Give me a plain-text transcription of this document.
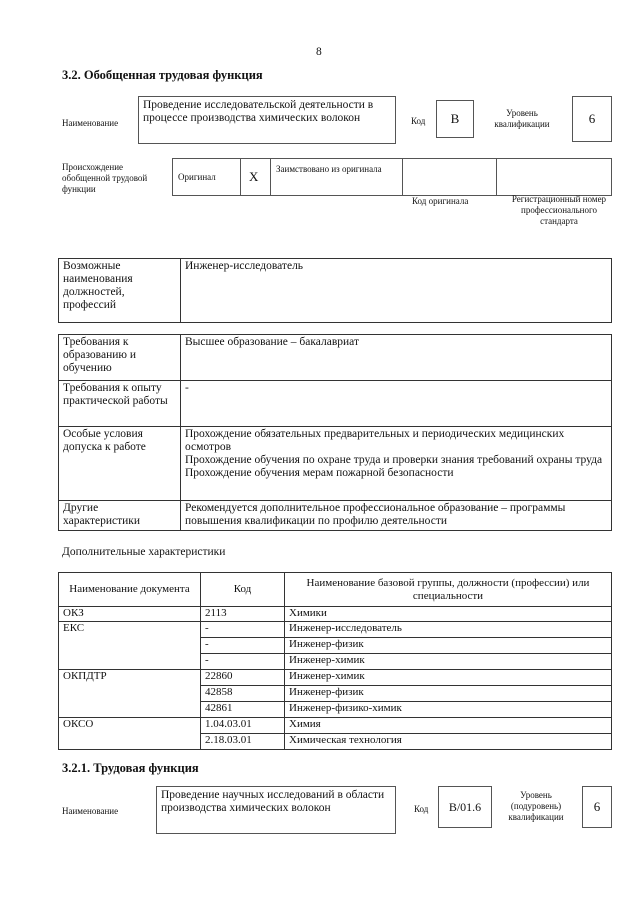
8
3.2. Обобщенная трудовая функция
Наименование
Проведение исследовательской деятельности в процессе производства химических волокон	Код	B	Уровень квалификации	6
Происхождение обобщенной трудовой функции
Оригинал	X Заимствовано из оригинала
Код оригинала	Регистрационный номер профессионального стандарта
Возможные наименования должностей, профессий	Инженер-исследователь
Требования к образованию и обучению	Высшее образование – бакалавриат
Требования к опыту практической работы	-
Особые условия допуска к работе	Прохождение обязательных предварительных и периодических медицинских осмотров
Прохождение обучения по охране труда и проверки знания требований охраны труда
Прохождение обучения мерам пожарной безопасности

Другие характеристики	Рекомендуется дополнительное профессиональное образование – программы повышения квалификации по профилю деятельности
Дополнительные характеристики
Наименование документа	Код	Наименование базовой группы, должности (профессии) или специальности
ОКЗ	2113	Химики
ЕКС	-	Инженер-исследователь
	-	Инженер-физик
	-	Инженер-химик
ОКПДТР	22860	Инженер-химик
	42858	Инженер-физик
	42861	Инженер-физико-химик
ОКСО	1.04.03.01	Химия
	2.18.03.01	Химическая технология
3.2.1. Трудовая функция
Наименование
Проведение научных исследований в области производства химических волокон	Код	B/01.6
Уровень (подуровень) квалификации
6
